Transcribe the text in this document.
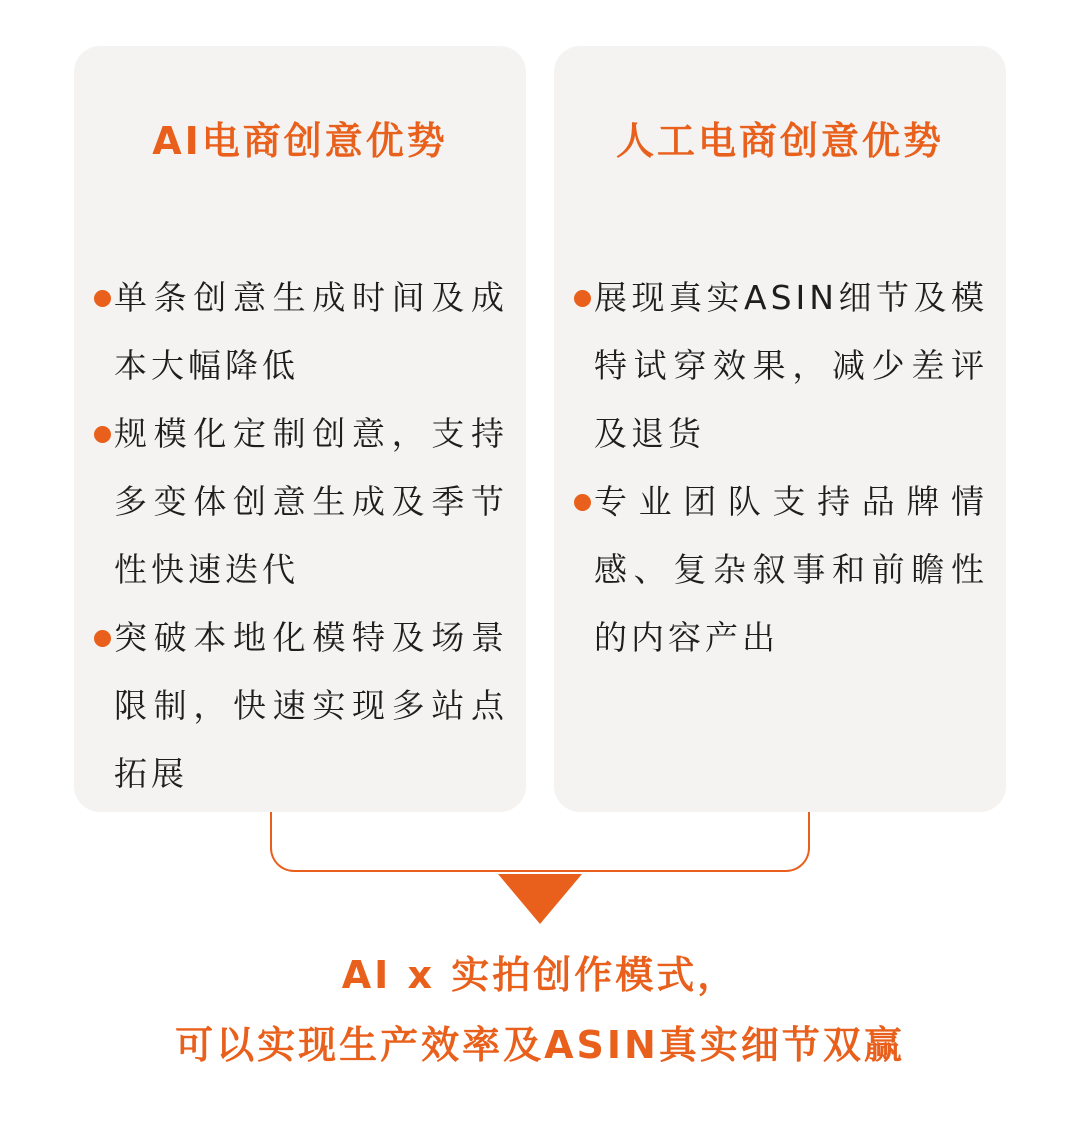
AI电商创意优势
单条创意生成时间及成本大幅降低
规模化定制创意，支持多变体创意生成及季节性快速迭代
突破本地化模特及场景限制，快速实现多站点拓展
人工电商创意优势
展现真实ASIN细节及模特试穿效果，减少差评及退货
专业团队支持品牌情感、复杂叙事和前瞻性的内容产出
AI x 实拍创作模式，
可以实现生产效率及ASIN真实细节双赢
